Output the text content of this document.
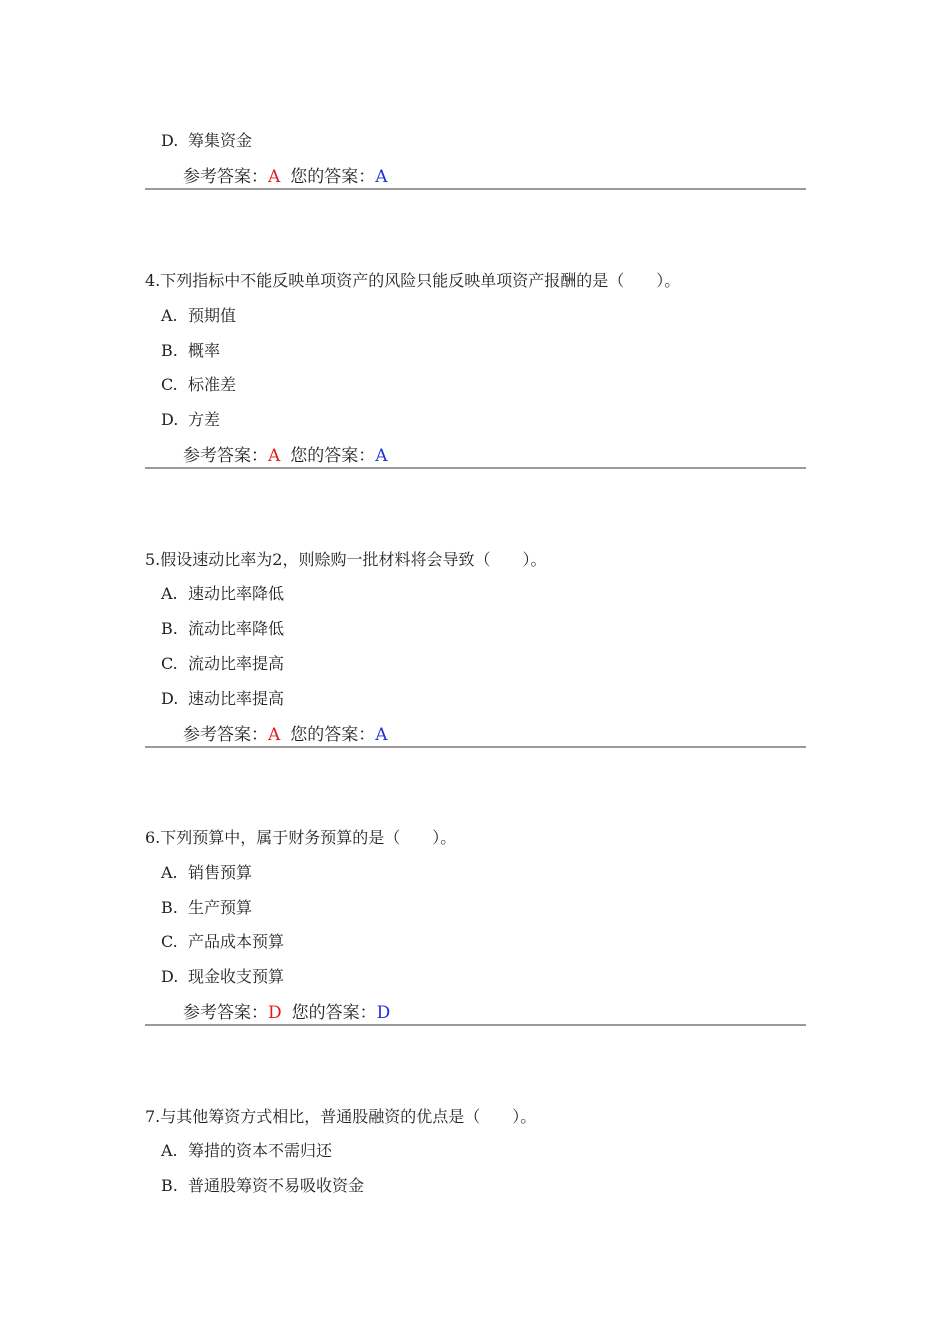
D. 筹集资金
参考答案：A 您的答案：A
4.下列指标中不能反映单项资产的风险只能反映单项资产报酬的是（　　）。
A. 预期值
B. 概率
C. 标准差
D. 方差
参考答案：A 您的答案：A
5.假设速动比率为2，则赊购一批材料将会导致（　　）。
A. 速动比率降低
B. 流动比率降低
C. 流动比率提高
D. 速动比率提高
参考答案：A 您的答案：A
6.下列预算中，属于财务预算的是（　　）。
A. 销售预算
B. 生产预算
C. 产品成本预算
D. 现金收支预算
参考答案：D 您的答案：D
7.与其他筹资方式相比，普通股融资的优点是（　　）。
A. 筹措的资本不需归还
B. 普通股筹资不易吸收资金
